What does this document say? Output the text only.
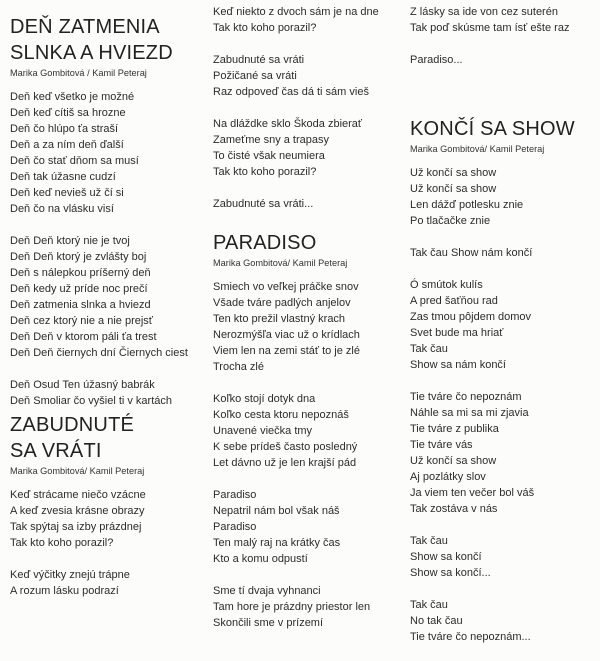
DEŇ ZATMENIA
SLNKA A HVIEZD
Marika Gombitová / Kamil Peteraj
Deň keď všetko je možné
Deň keď cítiš sa hrozne
Deň čo hlúpo ťa straší
Deň a za ním deň ďalší
Deň čo stať dňom sa musí
Deň tak úžasne cudzí
Deň keď nevieš už čí si
Deň čo na vlásku visí
Deň Deň ktorý nie je tvoj
Deň Deň ktorý je zvlášty boj
Deň s nálepkou príšerný deň
Deň kedy už príde noc prečí
Deň zatmenia slnka a hviezd
Deň cez ktorý nie a nie prejsť
Deň Deň v ktorom páli ťa trest
Deň Deň čiernych dní Čiernych ciest
Deň Osud Ten úžasný babrák
Deň Smoliar čo vyšiel ti v kartách
ZABUDNUTÉ
SA VRÁTI
Marika Gombitová/ Kamil Peteraj
Keď strácame niečo vzácne
A keď zvesia krásne obrazy
Tak spýtaj sa izby prázdnej
Tak kto koho porazil?
Keď výčitky znejú trápne
A rozum lásku podrazí
Keď niekto z dvoch sám je na dne
Tak kto koho porazil?
Zabudnuté sa vráti
Požičané sa vráti
Raz odpoveď čas dá ti sám vieš
Na dláždke sklo Škoda zbierať
Zameťme sny a trapasy
To čisté však neumiera
Tak kto koho porazil?
Zabudnuté sa vráti...
PARADISO
Marika Gombitová/ Kamil Peteraj
Smiech vo veľkej práčke snov
Všade tváre padlých anjelov
Ten kto prežil vlastný krach
Nerozmýšľa viac už o krídlach
Viem len na zemi stáť to je zlé
Trocha zlé
Koľko stojí dotyk dna
Koľko cesta ktoru nepoznáš
Unavené viečka tmy
K sebe prídeš často posledný
Let dávno už je len krajší pád
Paradiso
Nepatril nám bol však náš
Paradiso
Ten malý raj na krátky čas
Kto a komu odpustí
Sme tí dvaja vyhnanci
Tam hore je prázdny priestor len
Skončili sme v prízemí
Z lásky sa ide von cez suterén
Tak poď skúsme tam ísť ešte raz
Paradiso...
KONČÍ SA SHOW
Marika Gombitová/ Kamil Peteraj
Už končí sa show
Už končí sa show
Len dážď potlesku znie
Po tlačačke znie
Tak čau Show nám končí
Ó smútok kulís
A pred šaťňou rad
Zas tmou pôjdem domov
Svet bude ma hriať
Tak čau
Show sa nám končí
Tie tváre čo nepoznám
Náhle sa mi sa mi zjavia
Tie tváre z publika
Tie tváre vás
Už končí sa show
Aj pozlátky slov
Ja viem ten večer bol váš
Tak zostáva v nás
Tak čau
Show sa končí
Show sa končí...
Tak čau
No tak čau
Tie tváre čo nepoznám...
